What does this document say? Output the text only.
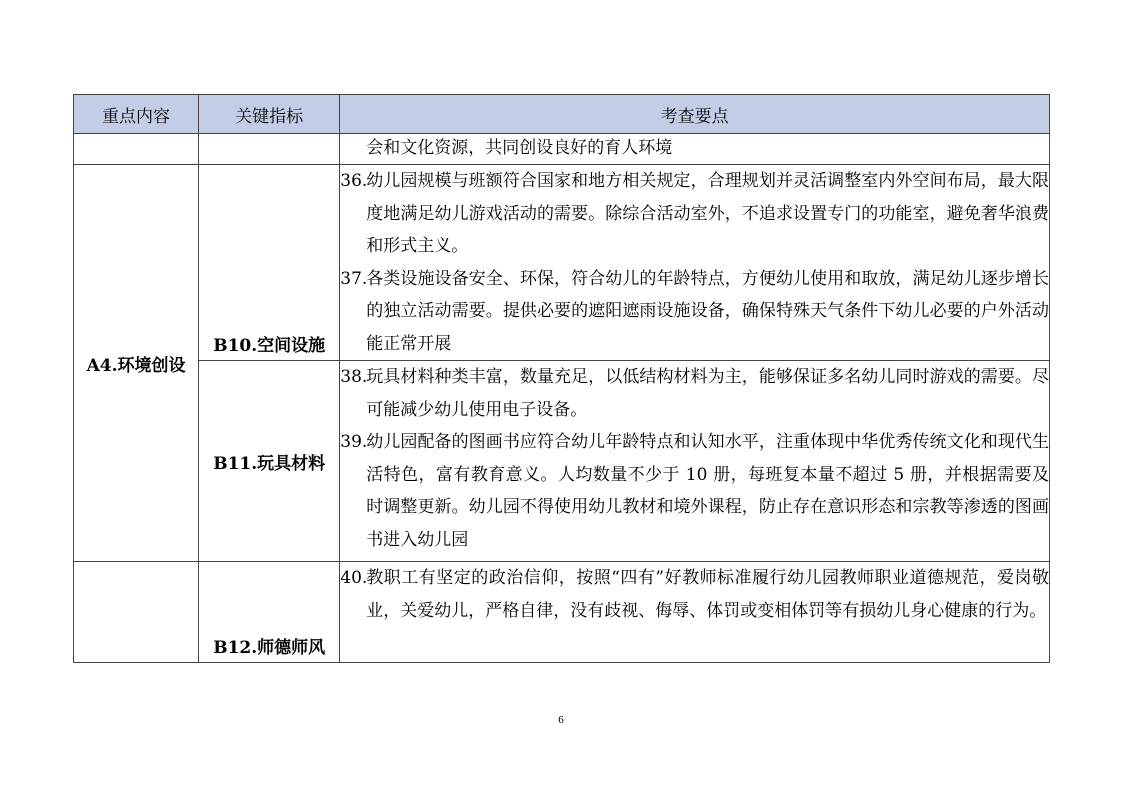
重点内容	关键指标	考查要点

		会和文化资源，共同创设良好的育人环境

A4.环境创设	B10.空间设施	36.
幼儿园规模与班额符合国家和地方相关规定，合理规划并灵活调整室内外空间布局，最大限度地满足幼儿游戏活动的需要。除综合活动室外，不追求设置专门的功能室，避免奢华浪费和形式主义。
37.
各类设施设备安全、环保，符合幼儿的年龄特点，方便幼儿使用和取放，满足幼儿逐步增长的独立活动需要。提供必要的遮阳遮雨设施设备，确保特殊天气条件下幼儿必要的户外活动能正常开展

	B11.玩具材料	38.
玩具材料种类丰富，数量充足，以低结构材料为主，能够保证多名幼儿同时游戏的需要。尽可能减少幼儿使用电子设备。
39.
幼儿园配备的图画书应符合幼儿年龄特点和认知水平，注重体现中华优秀传统文化和现代生活特色，富有教育意义。人均数量不少于 10 册，每班复本量不超过 5 册，并根据需要及时调整更新。幼儿园不得使用幼儿教材和境外课程，防止存在意识形态和宗教等渗透的图画书进入幼儿园

	B12.师德师风	40.
教职工有坚定的政治信仰，按照“四有”好教师标准履行幼儿园教师职业道德规范，爱岗敬业，关爱幼儿，严格自律，没有歧视、侮辱、体罚或变相体罚等有损幼儿身心健康的行为。
6
